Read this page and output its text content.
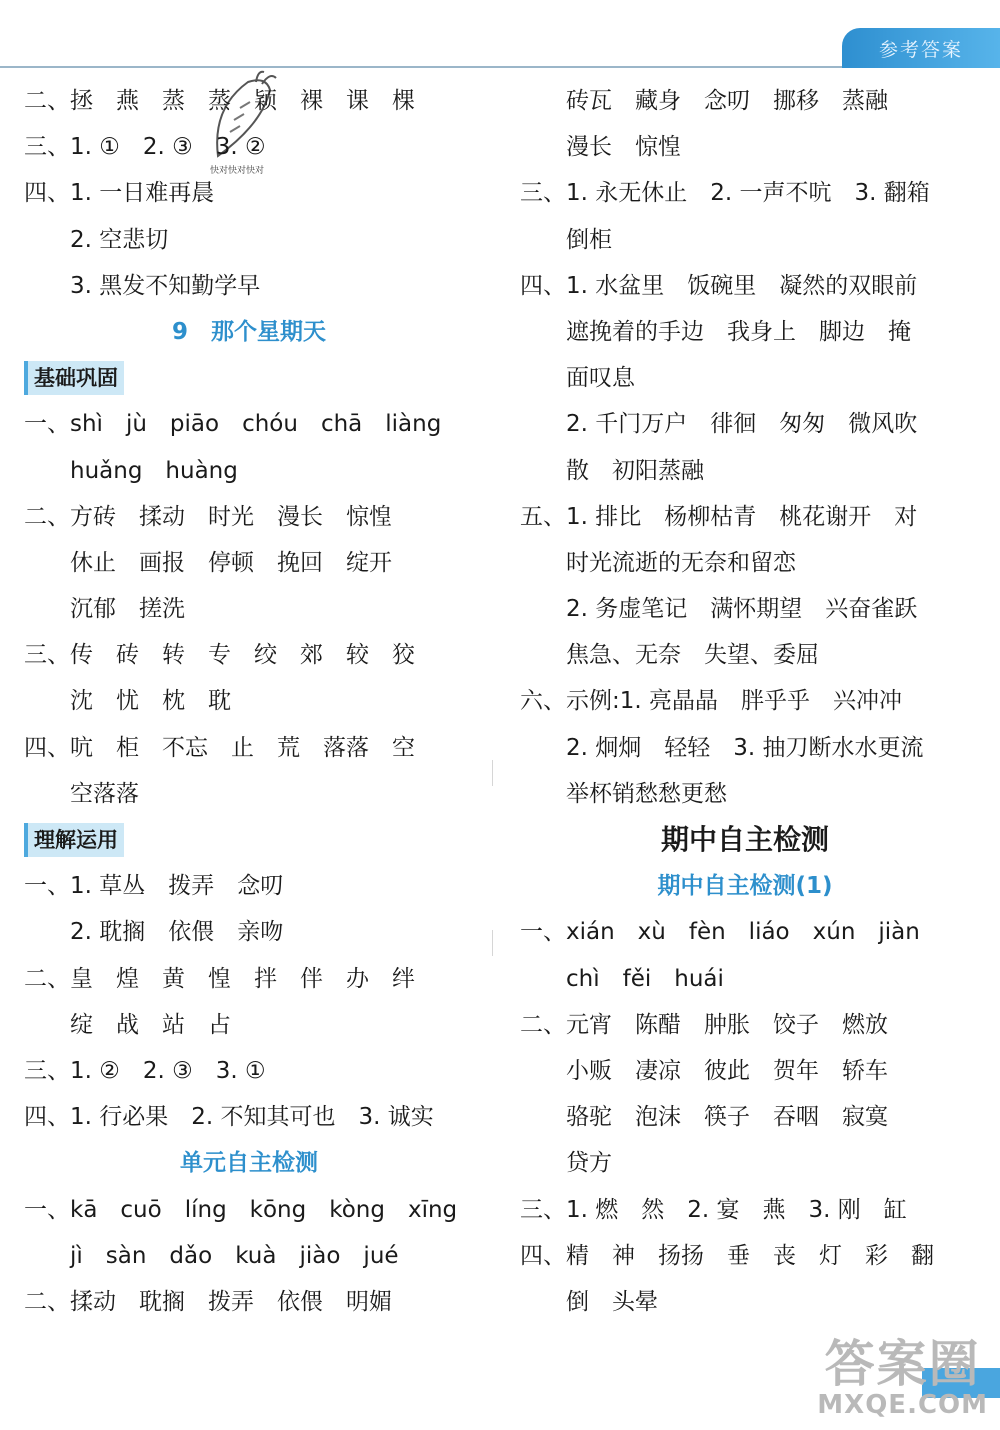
参考答案
快对快对快对
二、拯　燕　蒸　蒸　颖　裸　课　棵
三、1. ①　2. ③　3. ②
四、1. 一日难再晨
2. 空悲切
3. 黑发不知勤学早
9　那个星期天
基础巩固
一、shì　jù　piāo　chóu　chā　liàng
huǎng　huàng
二、方砖　揉动　时光　漫长　惊惶
休止　画报　停顿　挽回　绽开
沉郁　搓洗
三、传　砖　转　专　绞　郊　较　狡
沈　忧　枕　耽
四、吭　柜　不忘　止　荒　落落　空
空落落
理解运用
一、1. 草丛　拨弄　念叨
2. 耽搁　依偎　亲吻
二、皇　煌　黄　惶　拌　伴　办　绊
绽　战　站　占
三、1. ②　2. ③　3. ①
四、1. 行必果　2. 不知其可也　3. 诚实
单元自主检测
一、kā　cuō　líng　kōng　kòng　xīng
jì　sàn　dǎo　kuà　jiào　jué
二、揉动　耽搁　拨弄　依偎　明媚
砖瓦　藏身　念叨　挪移　蒸融
漫长　惊惶
三、1. 永无休止　2. 一声不吭　3. 翻箱
倒柜
四、1. 水盆里　饭碗里　凝然的双眼前
遮挽着的手边　我身上　脚边　掩
面叹息
2. 千门万户　徘徊　匆匆　微风吹
散　初阳蒸融
五、1. 排比　杨柳枯青　桃花谢开　对
时光流逝的无奈和留恋
2. 务虚笔记　满怀期望　兴奋雀跃
焦急、无奈　失望、委屈
六、示例:1. 亮晶晶　胖乎乎　兴冲冲
2. 炯炯　轻轻　3. 抽刀断水水更流
举杯销愁愁更愁
期中自主检测
期中自主检测(1)
一、xián　xù　fèn　liáo　xún　jiàn
chì　fěi　huái
二、元宵　陈醋　肿胀　饺子　燃放
小贩　凄凉　彼此　贺年　轿车
骆驼　泡沫　筷子　吞咽　寂寞
贷方
三、1. 燃　然　2. 宴　燕　3. 刚　缸
四、精　神　扬扬　垂　丧　灯　彩　翻
倒　头晕
答案圈
MXQE.COM
